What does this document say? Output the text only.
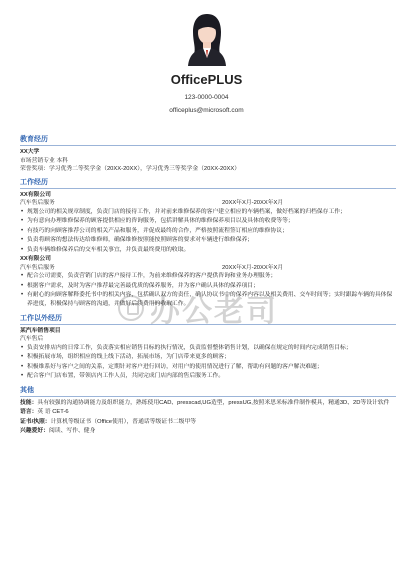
OfficePLUS
123-0000-0004
officeplus@microsoft.com
教育经历
XX大学
市场营销专业 本科
荣誉奖项：学习优秀二等奖学金（20XX-20XX），学习优秀三等奖学金（20XX-20XX）
工作经历
XX有限公司
汽车售后服务	20XX年X月-20XX年X月
• 规划公司的相关规章制度，负责门店的接待工作，并对前来维修保养的客户建立相应的车辆档案，做好档案的归档保存工作；
• 为有意向办理维修保养的顾客提供相应的咨询服务，包括讲解具体的维修保养项目以及具体的收费等等；
• 有技巧的向顾客推荐公司的相关产品和服务，并促成最终的合作，严格按照流程签订相应的维修协议；
• 负责将顾客的想法传达给维修师，确保维修按照能按照顾客的要求对车辆进行维修保养；
• 负责车辆维修保养后的交车相关事宜，并负责最终费用的收取。
XX有限公司
汽车售后服务	20XX年X月-20XX年X月
• 配合公司需要，负责营销门店的客户接待工作，为前来维修保养的客户提供咨询和业务办理服务；
• 根据客户需求，及时为客户推荐最完善最优质的保养服务，并为客户确认具体的保养项目；
• 有耐心的向顾客解释委托书中的相关内容，包括确认双方的责任，确认协议书中的保养内容以及相关费用、交车时间等；实时跟踪车辆的具体保养进度，积极保持与顾客的沟通，并做好后续费用的收取工作。
工作以外经历
某汽车销售项目
汽车售后
• 负责安排店内的日常工作，负责落实相应销售目标的执行情况，负责监督整体销售计划，以确保在规定的时间内完成销售目标；
• 积极拓展市场，组织相应的线上线下活动，拓展市场，为门店带来更多的顾客；
• 积极维系好与客户之间的关系，定期针对客户进行回访，对用户的使用情况进行了解，帮助有问题的客户解决难题；
• 配合客户门店布置，带领店内工作人员，共同完成门店内部的售后服务工作。
其他
技能：具有较强的沟通协调能力及组织能力，熟练使用CAD、presscad,UG造型，pressUG,按照米思米标准件制作模具，精通3D、2D等设计软件
语言：英 语 CET-6
证书/执照：计算机等级证书（Office使用），普通话等级证书二级甲等
兴趣爱好：阅读、写作、健身
办公老司
